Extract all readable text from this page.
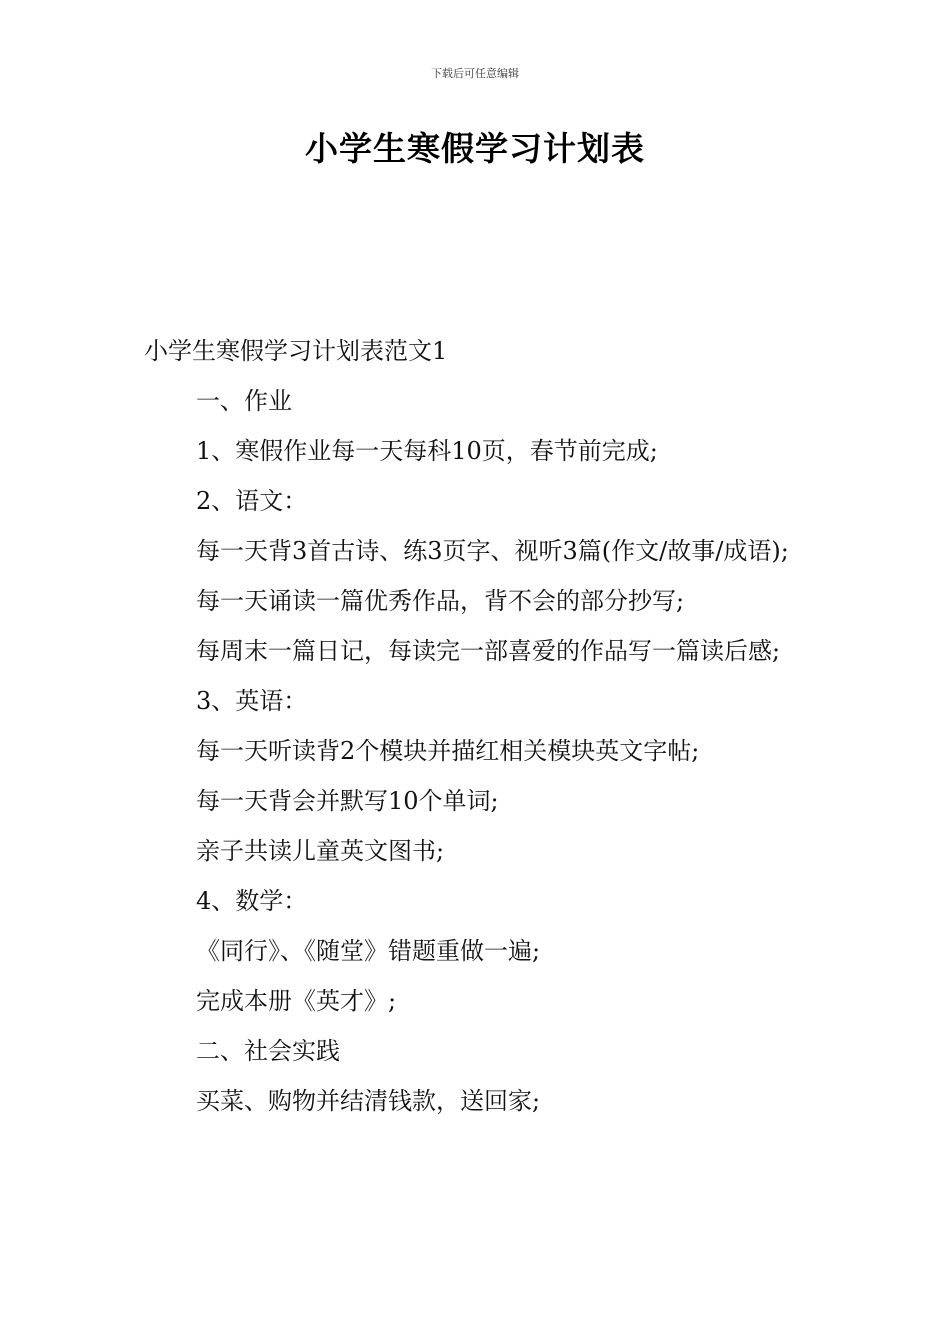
下载后可任意编辑
小学生寒假学习计划表

小学生寒假学习计划表范文1

一、作业

1、寒假作业每一天每科10页，春节前完成;

2、语文：

每一天背3首古诗、练3页字、视听3篇(作文/故事/成语);

每一天诵读一篇优秀作品，背不会的部分抄写;

每周末一篇日记，每读完一部喜爱的作品写一篇读后感;

3、英语：

每一天听读背2个模块并描红相关模块英文字帖;

每一天背会并默写10个单词;

亲子共读儿童英文图书;

4、数学：

《同行》、《随堂》错题重做一遍;

完成本册《英才》;

二、社会实践

买菜、购物并结清钱款，送回家;
